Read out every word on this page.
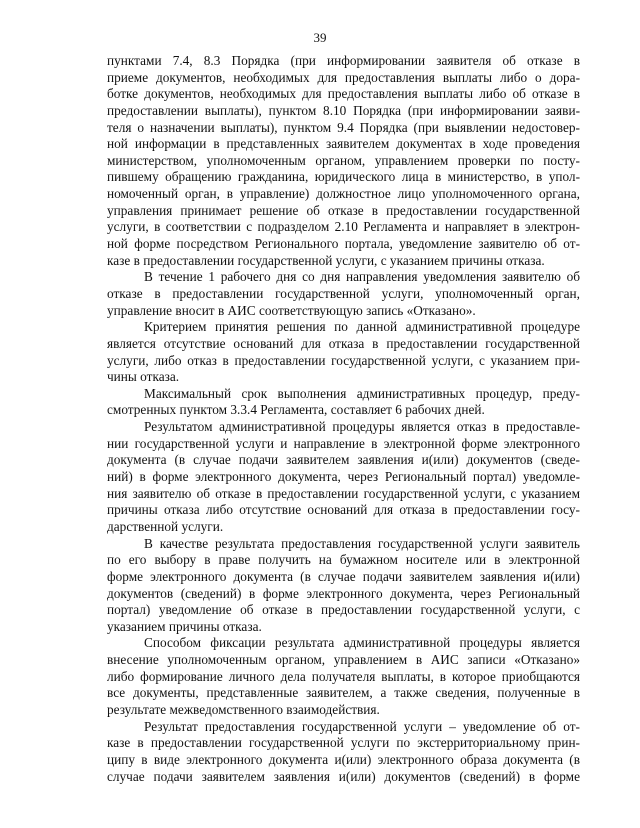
39
пунктами 7.4, 8.3 Порядка (при информировании заявителя об отказе в
приеме документов, необходимых для предоставления выплаты либо о дора-
ботке документов, необходимых для предоставления выплаты либо об отказе в
предоставлении выплаты), пунктом 8.10 Порядка (при информировании заяви-
теля о назначении выплаты), пунктом 9.4 Порядка (при выявлении недостовер-
ной информации в представленных заявителем документах в ходе проведения
министерством, уполномоченным органом, управлением проверки по посту-
пившему обращению гражданина, юридического лица в министерство, в упол-
номоченный орган, в управление) должностное лицо уполномоченного органа,
управления принимает решение об отказе в предоставлении государственной
услуги, в соответствии с подразделом 2.10 Регламента и направляет в электрон-
ной форме посредством Регионального портала, уведомление заявителю об от-
казе в предоставлении государственной услуги, с указанием причины отказа.
В течение 1 рабочего дня со дня направления уведомления заявителю об
отказе в предоставлении государственной услуги, уполномоченный орган,
управление вносит в АИС соответствующую запись «Отказано».
Критерием принятия решения по данной административной процедуре
является отсутствие оснований для отказа в предоставлении государственной
услуги, либо отказ в предоставлении государственной услуги, с указанием при-
чины отказа.
Максимальный срок выполнения административных процедур, преду-
смотренных пунктом 3.3.4 Регламента, составляет 6 рабочих дней.
Результатом административной процедуры является отказ в предоставле-
нии государственной услуги и направление в электронной форме электронного
документа (в случае подачи заявителем заявления и(или) документов (сведе-
ний) в форме электронного документа, через Региональный портал) уведомле-
ния заявителю об отказе в предоставлении государственной услуги, с указанием
причины отказа либо отсутствие оснований для отказа в предоставлении госу-
дарственной услуги.
В качестве результата предоставления государственной услуги заявитель
по его выбору в праве получить на бумажном носителе или в электронной
форме электронного документа (в случае подачи заявителем заявления и(или)
документов (сведений) в форме электронного документа, через Региональный
портал) уведомление об отказе в предоставлении государственной услуги, с
указанием причины отказа.
Способом фиксации результата административной процедуры является
внесение уполномоченным органом, управлением в АИС записи «Отказано»
либо формирование личного дела получателя выплаты, в которое приобщаются
все документы, представленные заявителем, а также сведения, полученные в
результате межведомственного взаимодействия.
Результат предоставления государственной услуги – уведомление об от-
казе в предоставлении государственной услуги по экстерриториальному прин-
ципу в виде электронного документа и(или) электронного образа документа (в
случае подачи заявителем заявления и(или) документов (сведений) в форме
